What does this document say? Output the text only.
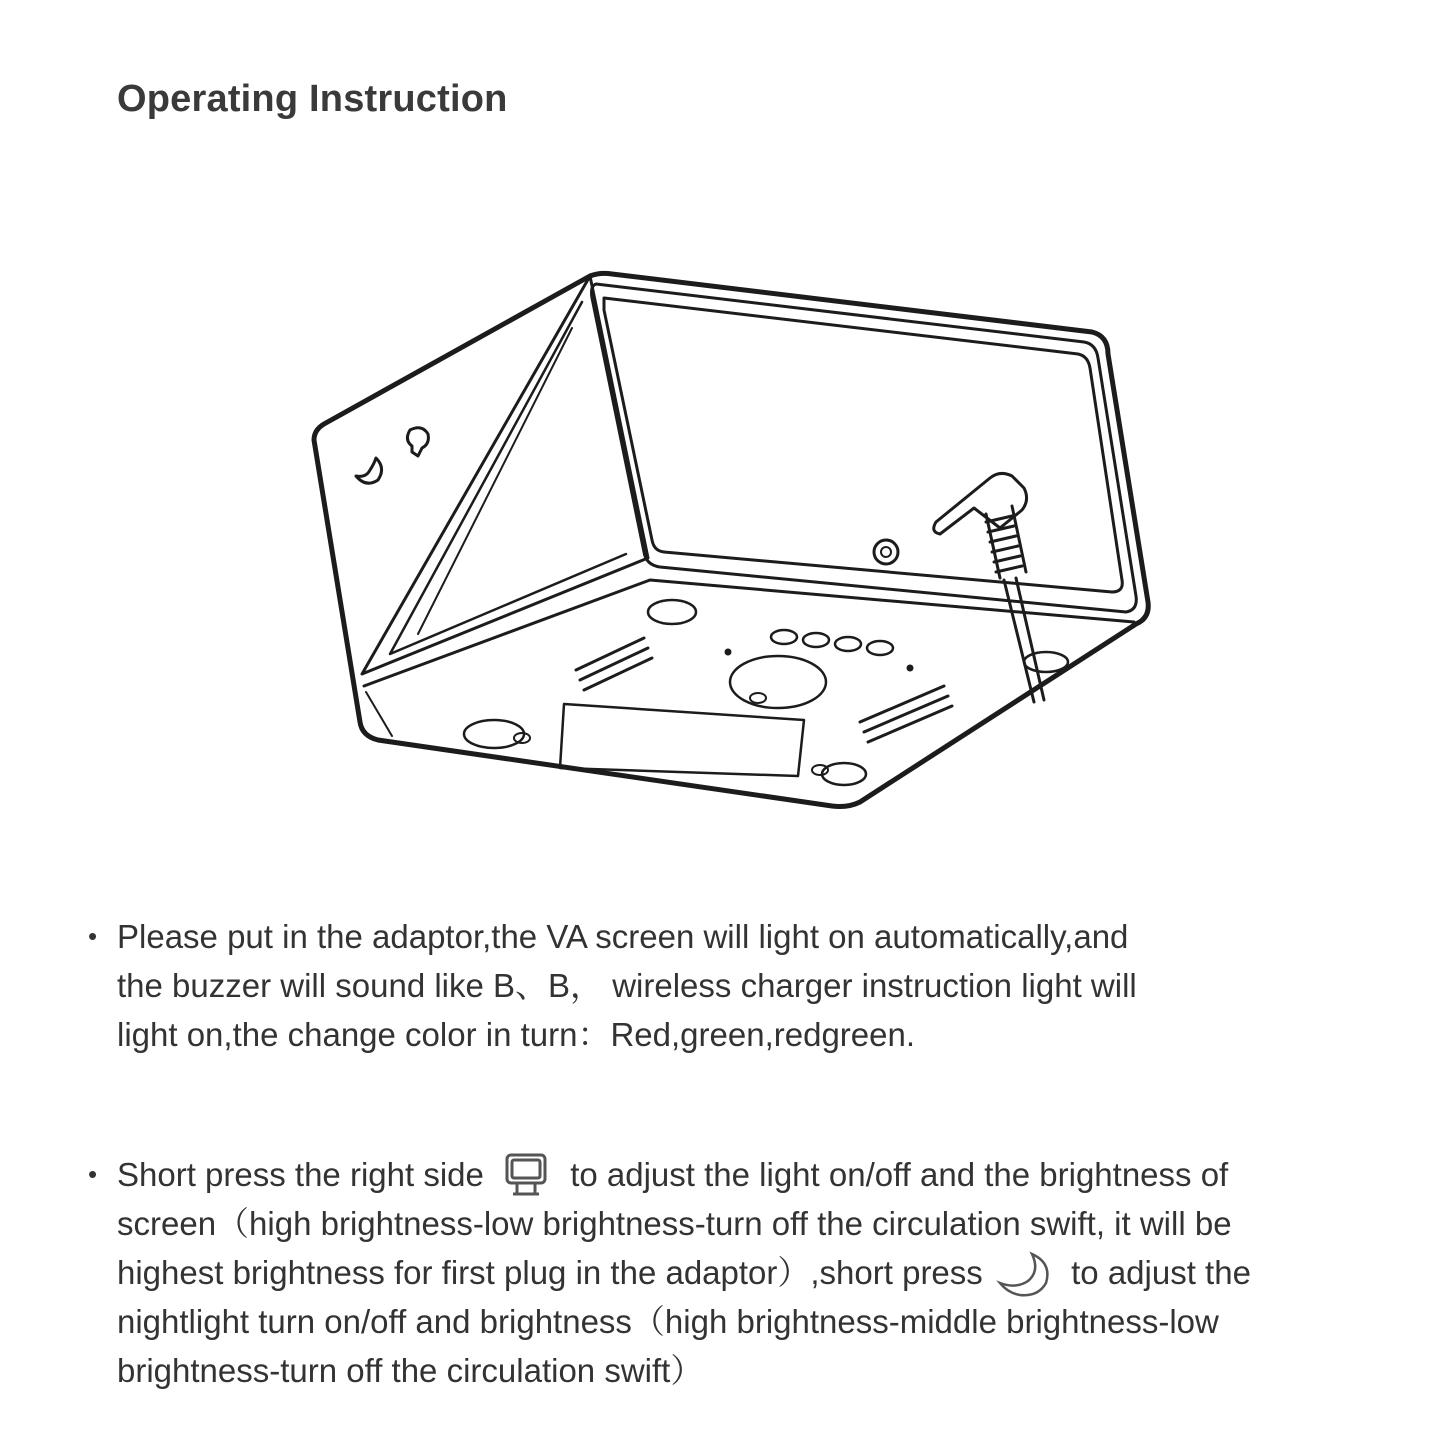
Operating Instruction
• Please put in the adaptor,the VA screen will light on automatically,and
the buzzer will sound like B、B， wireless charger instruction light will
light on,the change color in turn：Red,green,redgreen.
• Short press the right side	to adjust the light on/off and the brightness of
screen（high brightness-low brightness-turn off the circulation swift, it will be
highest brightness for first plug in the adaptor）,short press	to adjust the
nightlight turn on/off and brightness（high brightness-middle brightness-low
brightness-turn off the circulation swift）
